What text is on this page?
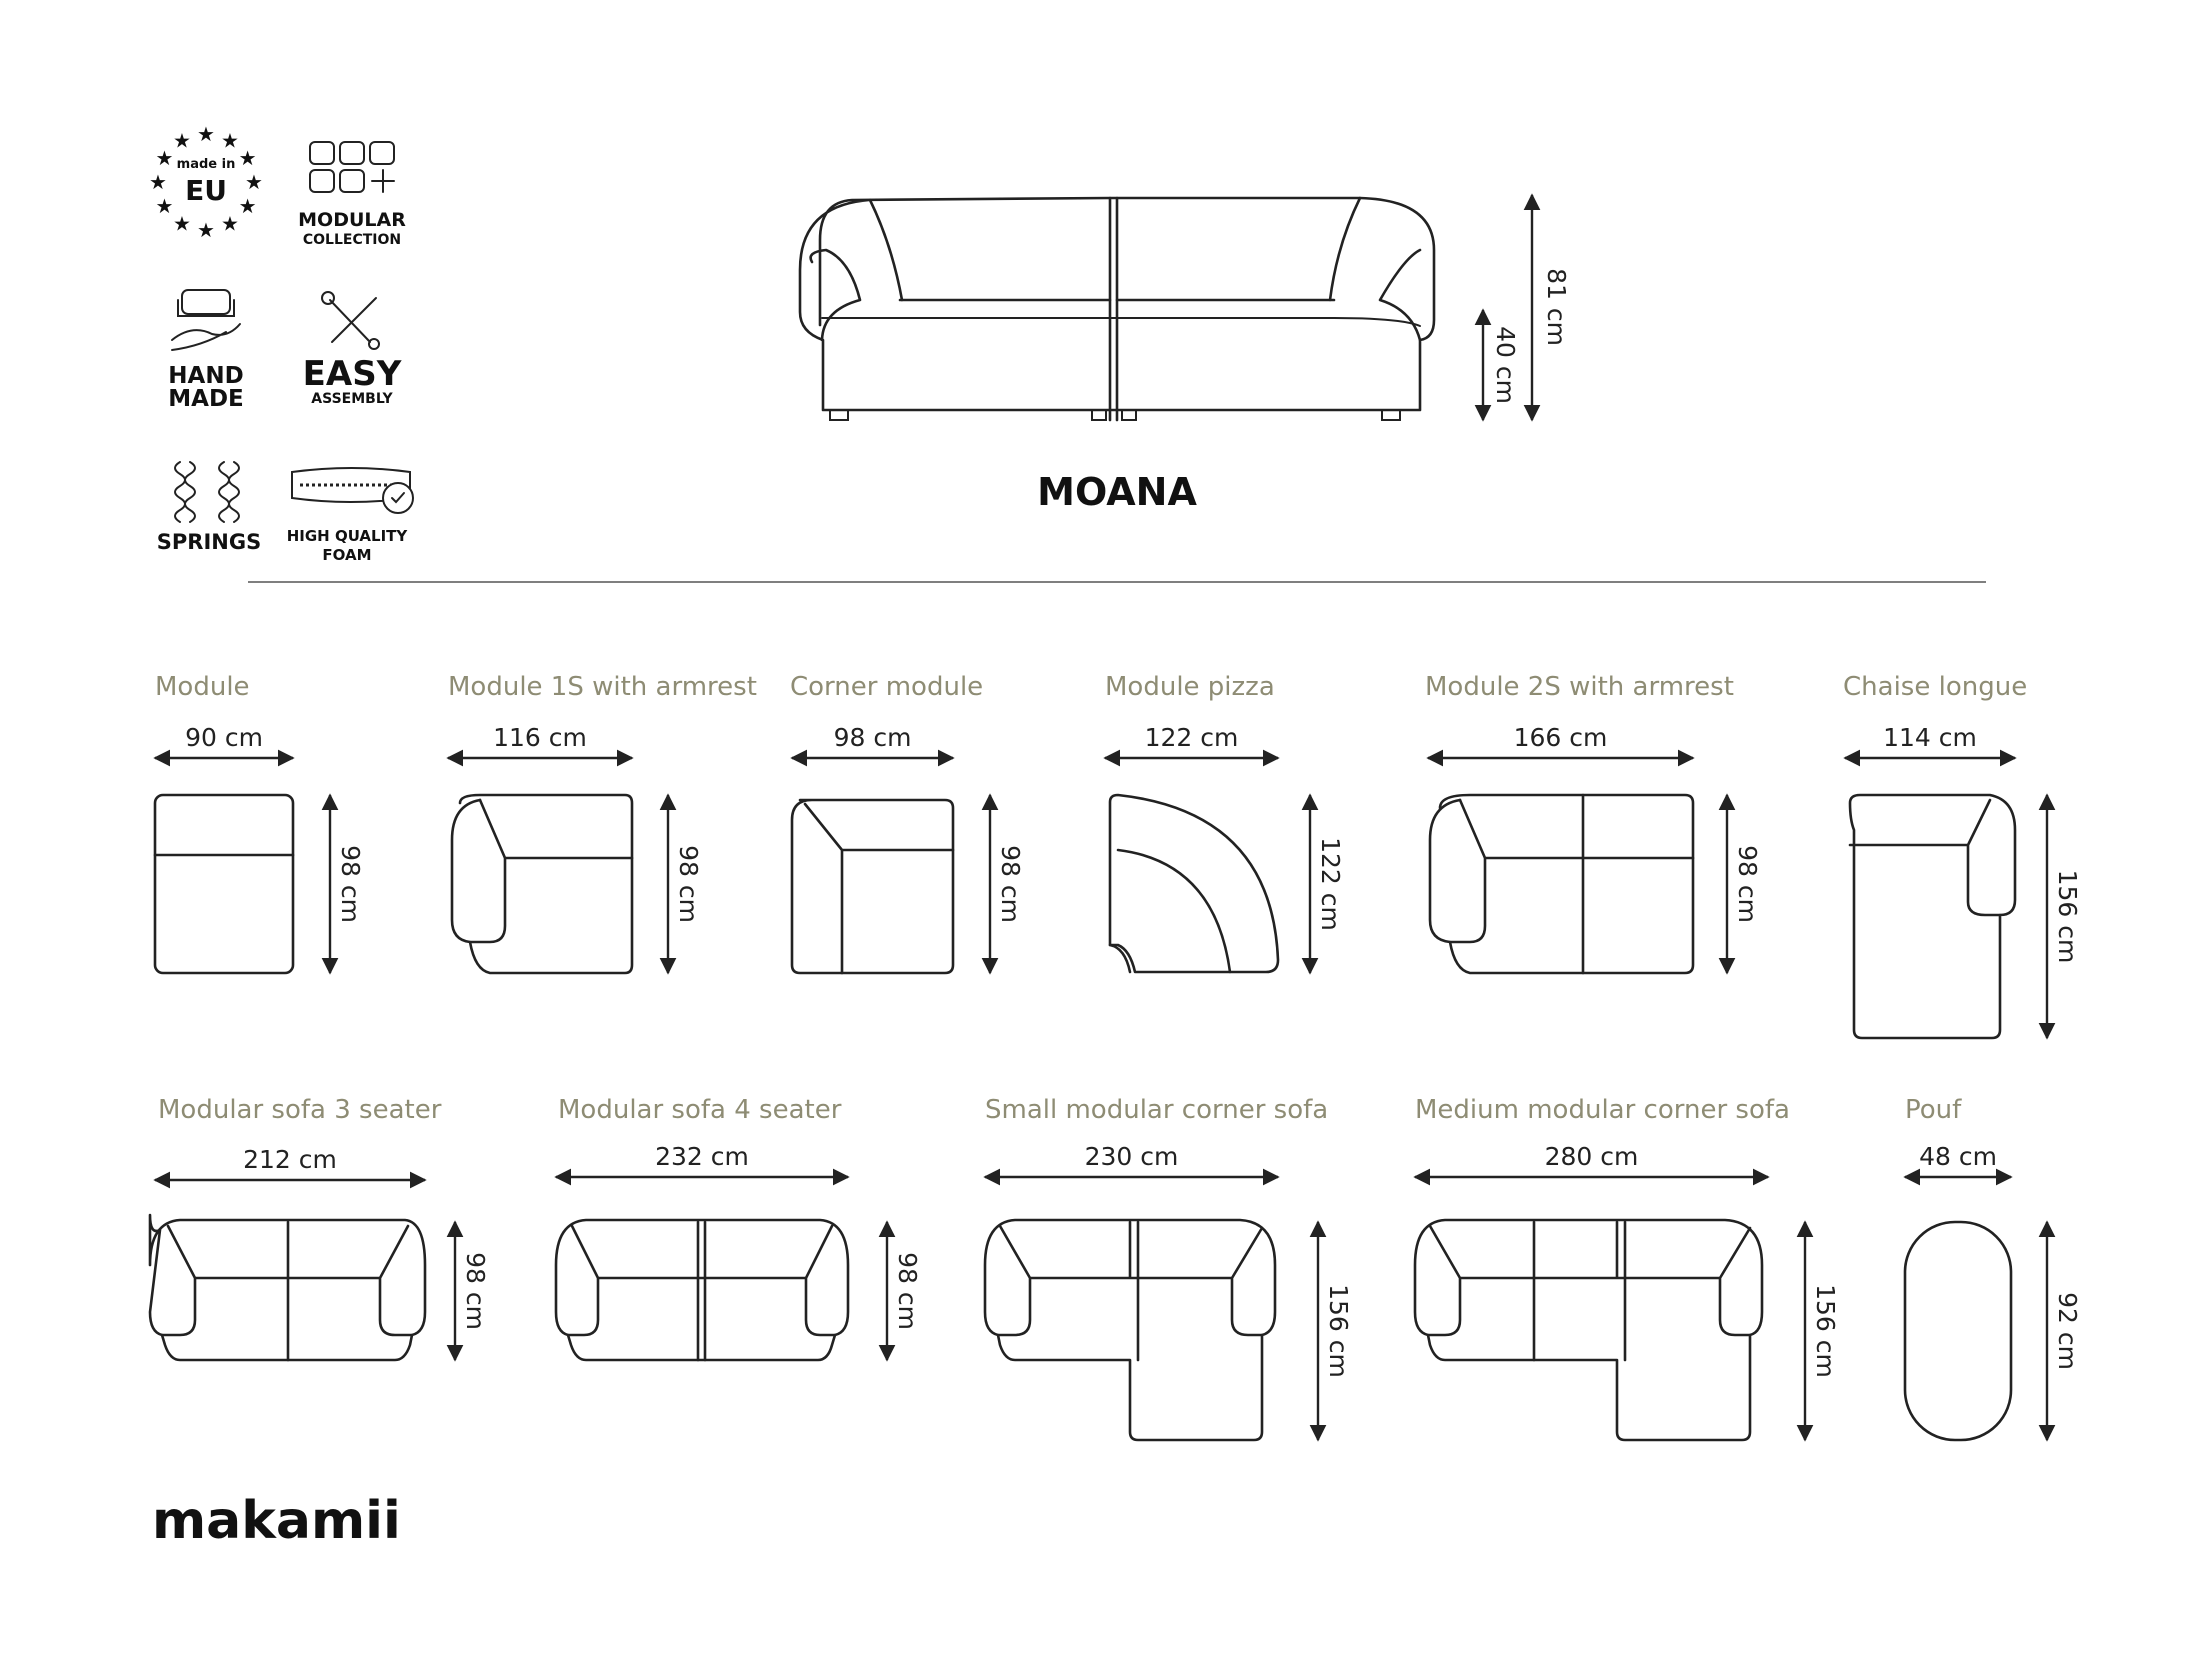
★ ★
★
★
★
★
★
★
★
★
★
★
made in
EU
MODULAR
COLLECTION
HAND
MADE
EASY
ASSEMBLY
SPRINGS HIGH QUALITY
FOAM
81 cm
40 cm
MOANA
Module
90 cm
98 cm
Module 1S with armrest
116 cm
98 cm
Corner module
98 cm
98 cm
Module pizza
122 cm
122 cm
Module 2S with armrest
166 cm
98 cm
Chaise longue
114 cm
156 cm
Modular sofa 3 seater
212 cm
98 cm
Modular sofa 4 seater
232 cm
98 cm
Small modular corner sofa
230 cm
156 cm
Medium modular corner sofa
280 cm
156 cm
Pouf
48 cm
92 cm
makamii
